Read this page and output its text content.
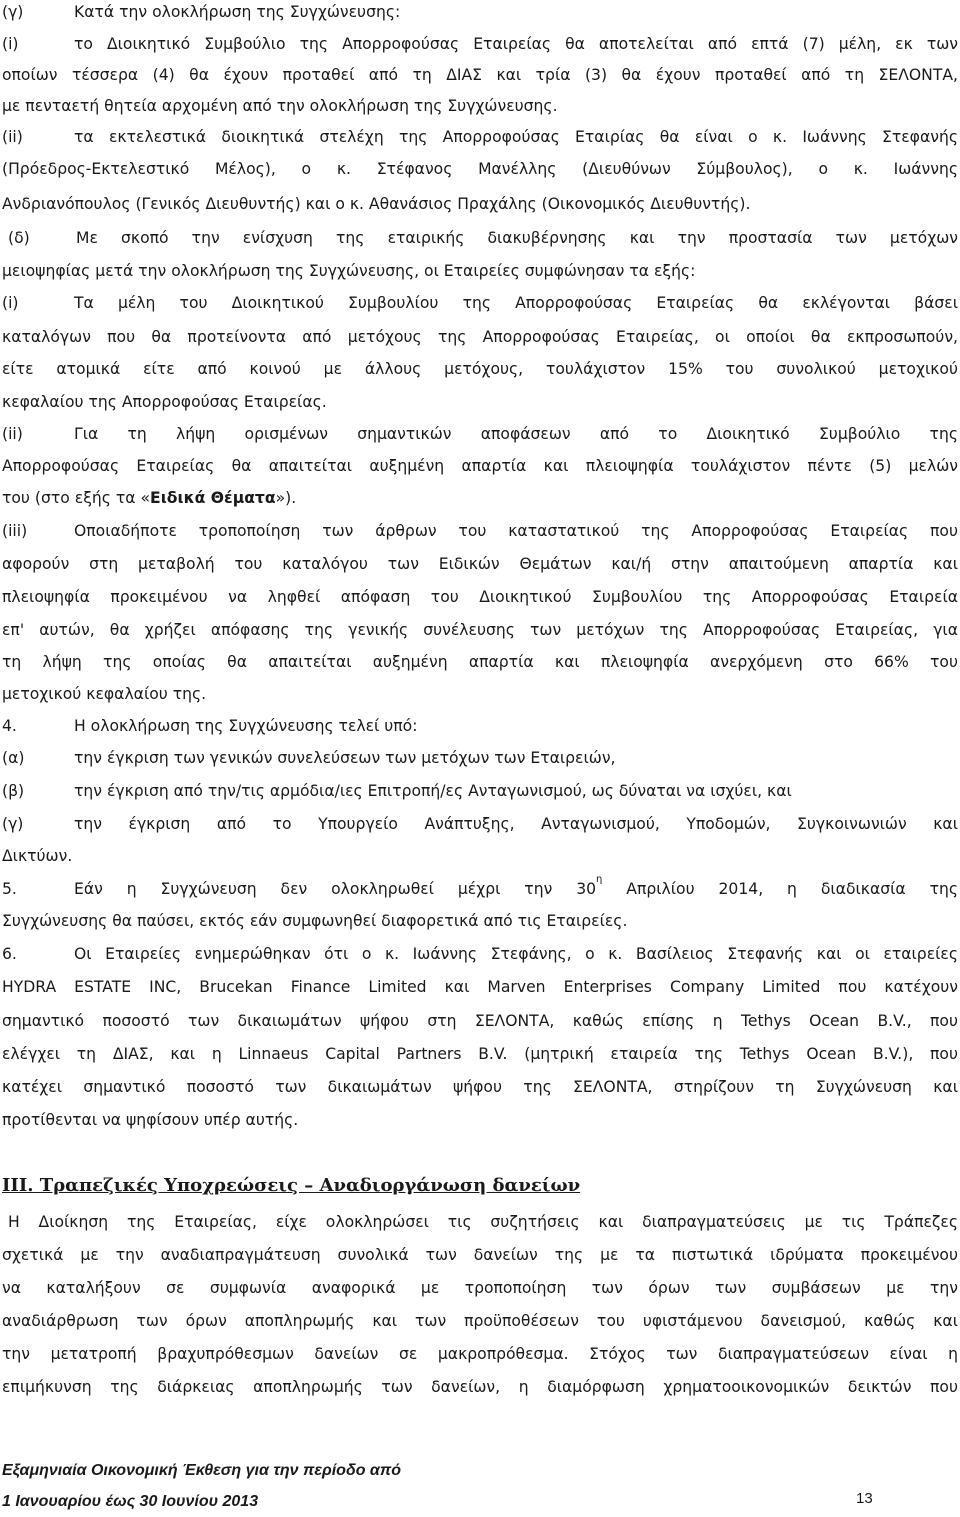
(γ)	Κατά την ολοκλήρωση της Συγχώνευσης:
(i)	το Διοικητικό Συμβούλιο της Απορροφούσας Εταιρείας θα αποτελείται από επτά (7) μέλη, εκ των
οποίων τέσσερα (4) θα έχουν προταθεί από τη ΔΙΑΣ και τρία (3) θα έχουν προταθεί από τη ΣΕΛΟΝΤΑ,
με πενταετή θητεία αρχομένη από την ολοκλήρωση της Συγχώνευσης.
(ii)	τα εκτελεστικά διοικητικά στελέχη της Απορροφούσας Εταιρίας θα είναι ο κ. Ιωάννης Στεφανής
(Πρόεδρος-Εκτελεστικό Μέλος), ο κ. Στέφανος Μανέλλης (Διευθύνων Σύμβουλος), ο κ. Ιωάννης
Ανδριανόπουλος (Γενικός Διευθυντής) και ο κ. Αθανάσιος Πραχάλης (Οικονομικός Διευθυντής).
(δ)	Με σκοπό την ενίσχυση της εταιρικής διακυβέρνησης και την προστασία των μετόχων
μειοψηφίας μετά την ολοκλήρωση της Συγχώνευσης, οι Εταιρείες συμφώνησαν τα εξής:
(i)	Τα μέλη του Διοικητικού Συμβουλίου της Απορροφούσας Εταιρείας θα εκλέγονται βάσει
καταλόγων που θα προτείνοντα από μετόχους της Απορροφούσας Εταιρείας, οι οποίοι θα εκπροσωπούν,
είτε ατομικά είτε από κοινού με άλλους μετόχους, τουλάχιστον 15% του συνολικού μετοχικού
κεφαλαίου της Απορροφούσας Εταιρείας.
(ii)	Για τη λήψη ορισμένων σημαντικών αποφάσεων από το Διοικητικό Συμβούλιο της
Απορροφούσας Εταιρείας θα απαιτείται αυξημένη απαρτία και πλειοψηφία τουλάχιστον πέντε (5) μελών
του (στο εξής τα «Ειδικά Θέματα»).
(iii)	Οποιαδήποτε τροποποίηση των άρθρων του καταστατικού της Απορροφούσας Εταιρείας που
αφορούν στη μεταβολή του καταλόγου των Ειδικών Θεμάτων και/ή στην απαιτούμενη απαρτία και
πλειοψηφία προκειμένου να ληφθεί απόφαση του Διοικητικού Συμβουλίου της Απορροφούσας Εταιρεία
επ' αυτών, θα χρήζει απόφασης της γενικής συνέλευσης των μετόχων της Απορροφούσας Εταιρείας, για
τη λήψη της οποίας θα απαιτείται αυξημένη απαρτία και πλειοψηφία ανερχόμενη στο 66% του
μετοχικού κεφαλαίου της.
4.	Η ολοκλήρωση της Συγχώνευσης τελεί υπό:
(α)	την έγκριση των γενικών συνελεύσεων των μετόχων των Εταιρειών,
(β)	την έγκριση από την/τις αρμόδια/ιες Επιτροπή/ες Ανταγωνισμού, ως δύναται να ισχύει, και
(γ)	την έγκριση από το Υπουργείο Ανάπτυξης, Ανταγωνισμού, Υποδομών, Συγκοινωνιών και
Δικτύων.
5.	Εάν η Συγχώνευση δεν ολοκληρωθεί μέχρι την $30^\eta$ Απριλίου 2014, η διαδικασία της
Συγχώνευσης θα παύσει, εκτός εάν συμφωνηθεί διαφορετικά από τις Εταιρείες.
6.	Οι Εταιρείες ενημερώθηκαν ότι ο κ. Ιωάννης Στεφάνης, ο κ. Βασίλειος Στεφανής και οι εταιρείες
HYDRA ESTATE INC, Brucekan Finance Limited και Marven Enterprises Company Limited που κατέχουν
σημαντικό ποσοστό των δικαιωμάτων ψήφου στη ΣΕΛΟΝΤΑ, καθώς επίσης η Tethys Ocean B.V., που
ελέγχει τη ΔΙΑΣ, και η Linnaeus Capital Partners B.V. (μητρική εταιρεία της Tethys Ocean B.V.), που
κατέχει σημαντικό ποσοστό των δικαιωμάτων ψήφου της ΣΕΛΟΝΤΑ, στηρίζουν τη Συγχώνευση και
προτίθενται να ψηφίσουν υπέρ αυτής.
III. Τραπεζικές Υποχρεώσεις – Αναδιοργάνωση δανείων
Η Διοίκηση της Εταιρείας, είχε ολοκληρώσει τις συζητήσεις και διαπραγματεύσεις με τις Τράπεζες
σχετικά με την αναδιαπραγμάτευση συνολικά των δανείων της με τα πιστωτικά ιδρύματα προκειμένου
να καταλήξουν σε συμφωνία αναφορικά με τροποποίηση των όρων των συμβάσεων με την
αναδιάρθρωση των όρων αποπληρωμής και των προϋποθέσεων του υφιστάμενου δανεισμού, καθώς και
την μετατροπή βραχυπρόθεσμων δανείων σε μακροπρόθεσμα. Στόχος των διαπραγματεύσεων είναι η
επιμήκυνση της διάρκειας αποπληρωμής των δανείων, η διαμόρφωση χρηματοοικονομικών δεικτών που
Εξαμηνιαία Οικονομική Έκθεση για την περίοδο από
1 Ιανουαρίου έως 30 Ιουνίου 2013	13
